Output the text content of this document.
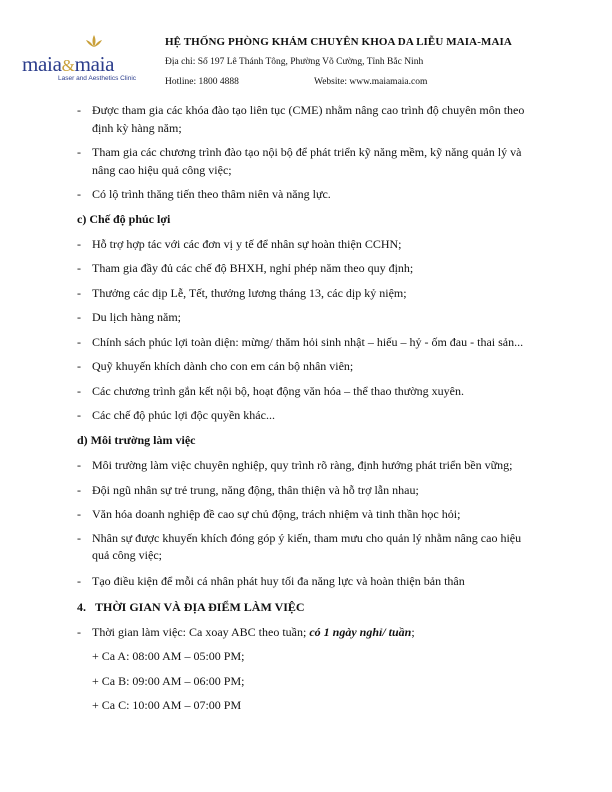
maia&maia
Laser and Aesthetics Clinic
HỆ THỐNG PHÒNG KHÁM CHUYÊN KHOA DA LIỄU MAIA-MAIA
Địa chỉ: Số 197 Lê Thánh Tông, Phường Võ Cường, Tỉnh Bắc Ninh
Hotline: 1800 4888	Website: www.maiamaia.com
- Được tham gia các khóa đào tạo liên tục (CME) nhằm nâng cao trình độ chuyên môn theo
định kỳ hàng năm;
- Tham gia các chương trình đào tạo nội bộ để phát triển kỹ năng mềm, kỹ năng quản lý và
nâng cao hiệu quả công việc;
- Có lộ trình thăng tiến theo thâm niên và năng lực.
c) Chế độ phúc lợi
- Hỗ trợ hợp tác với các đơn vị y tế để nhân sự hoàn thiện CCHN;
- Tham gia đầy đủ các chế độ BHXH, nghỉ phép năm theo quy định;
- Thưởng các dịp Lễ, Tết, thưởng lương tháng 13, các dịp kỷ niệm;
- Du lịch hàng năm;
- Chính sách phúc lợi toàn diện: mừng/ thăm hỏi sinh nhật – hiếu – hỷ - ốm đau - thai sản...
- Quỹ khuyến khích dành cho con em cán bộ nhân viên;
- Các chương trình gắn kết nội bộ, hoạt động văn hóa – thể thao thường xuyên.
- Các chế độ phúc lợi độc quyền khác...
d) Môi trường làm việc
- Môi trường làm việc chuyên nghiệp, quy trình rõ ràng, định hướng phát triển bền vững;
- Đội ngũ nhân sự trẻ trung, năng động, thân thiện và hỗ trợ lẫn nhau;
- Văn hóa doanh nghiệp đề cao sự chủ động, trách nhiệm và tinh thần học hỏi;
- Nhân sự được khuyến khích đóng góp ý kiến, tham mưu cho quản lý nhằm nâng cao hiệu
quả công việc;
- Tạo điều kiện để mỗi cá nhân phát huy tối đa năng lực và hoàn thiện bản thân
4. THỜI GIAN VÀ ĐỊA ĐIỂM LÀM VIỆC
- Thời gian làm việc: Ca xoay ABC theo tuần; có 1 ngày nghỉ/ tuần;
+ Ca A: 08:00 AM – 05:00 PM;
+ Ca B: 09:00 AM – 06:00 PM;
+ Ca C: 10:00 AM – 07:00 PM
